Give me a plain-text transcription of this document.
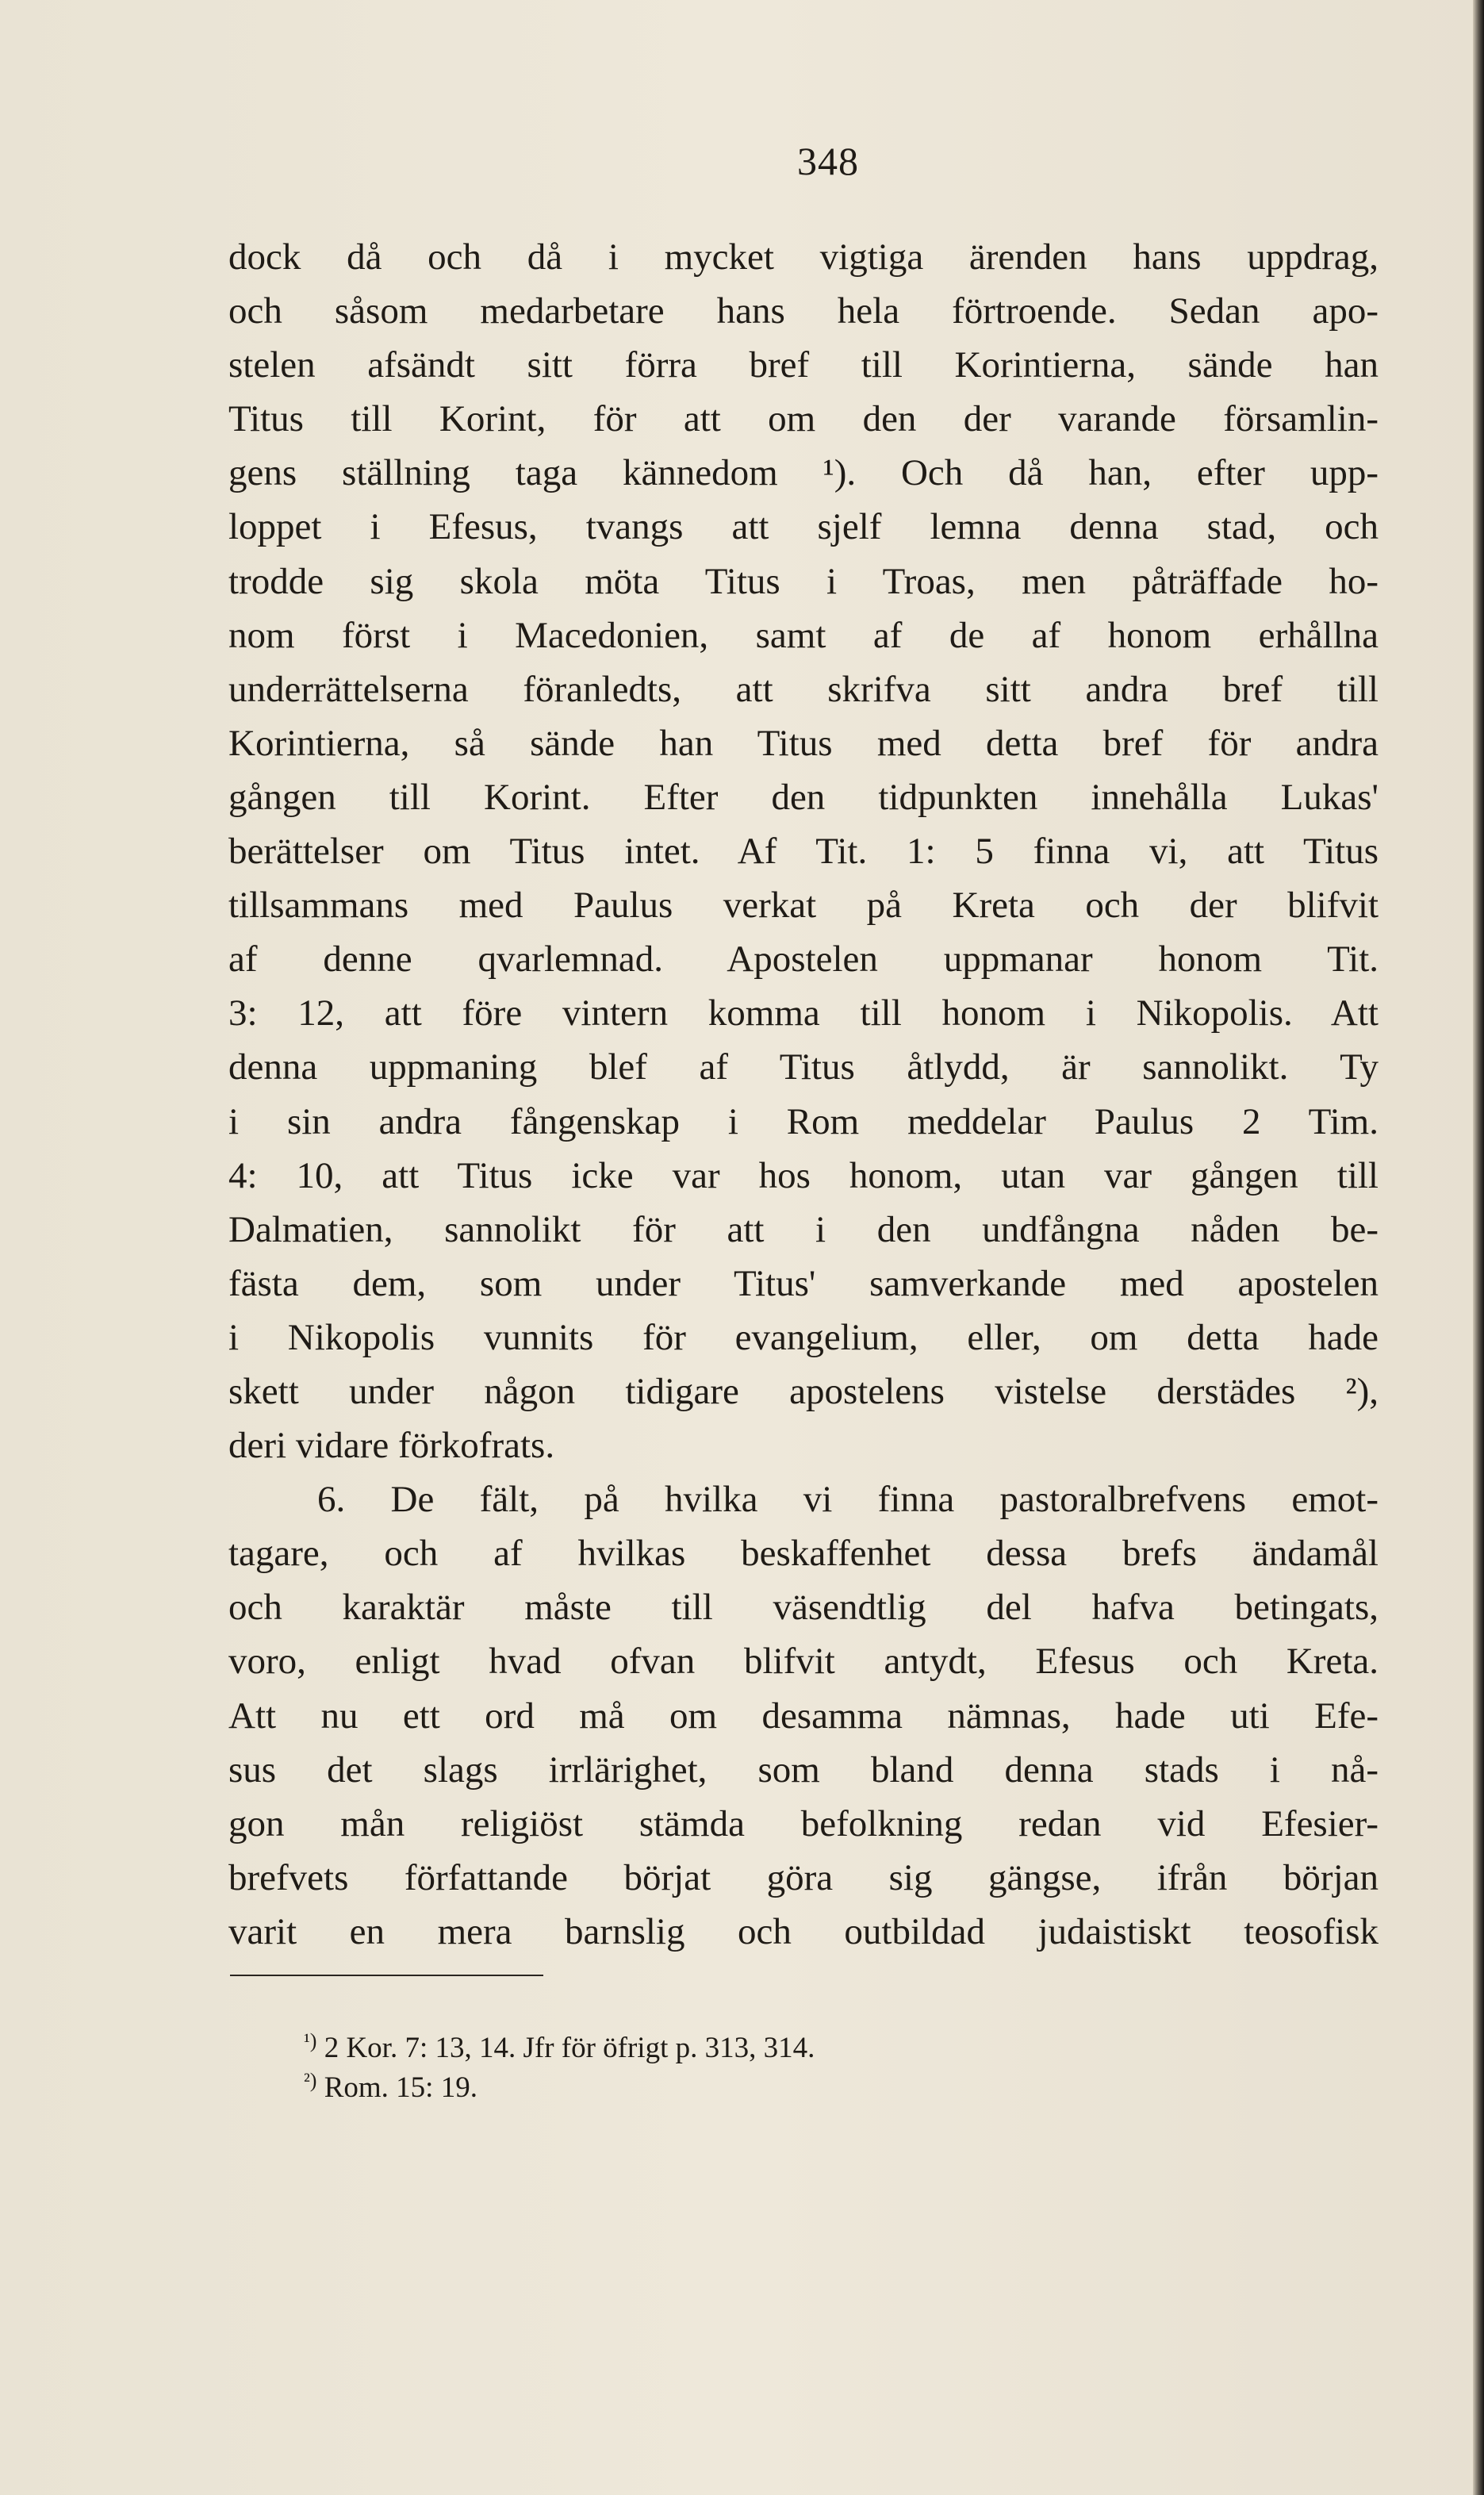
348
dock då och då i mycket vigtiga ärenden hans uppdrag,
och såsom medarbetare hans hela förtroende. Sedan apo-
stelen afsändt sitt förra bref till Korintierna, sände han
Titus till Korint, för att om den der varande församlin-
gens ställning taga kännedom ¹). Och då han, efter upp-
loppet i Efesus, tvangs att sjelf lemna denna stad, och
trodde sig skola möta Titus i Troas, men påträffade ho-
nom först i Macedonien, samt af de af honom erhållna
underrättelserna föranledts, att skrifva sitt andra bref till
Korintierna, så sände han Titus med detta bref för andra
gången till Korint. Efter den tidpunkten innehålla Lukas'
berättelser om Titus intet. Af Tit. 1: 5 finna vi, att Titus
tillsammans med Paulus verkat på Kreta och der blifvit
af denne qvarlemnad. Apostelen uppmanar honom Tit.
3: 12, att före vintern komma till honom i Nikopolis. Att
denna uppmaning blef af Titus åtlydd, är sannolikt. Ty
i sin andra fångenskap i Rom meddelar Paulus 2 Tim.
4: 10, att Titus icke var hos honom, utan var gången till
Dalmatien, sannolikt för att i den undfångna nåden be-
fästa dem, som under Titus' samverkande med apostelen
i Nikopolis vunnits för evangelium, eller, om detta hade
skett under någon tidigare apostelens vistelse derstädes ²),
deri vidare förkofrats.
6. De fält, på hvilka vi finna pastoralbrefvens emot-
tagare, och af hvilkas beskaffenhet dessa brefs ändamål
och karaktär måste till väsendtlig del hafva betingats,
voro, enligt hvad ofvan blifvit antydt, Efesus och Kreta.
Att nu ett ord må om desamma nämnas, hade uti Efe-
sus det slags irrlärighet, som bland denna stads i nå-
gon mån religiöst stämda befolkning redan vid Efesier-
brefvets författande börjat göra sig gängse, ifrån början
varit en mera barnslig och outbildad judaistiskt teosofisk
$^{^1)}$ 2 Kor. 7: 13, 14. Jfr för öfrigt p. 313, 314.
$^{^2)}$ Rom. 15: 19.
